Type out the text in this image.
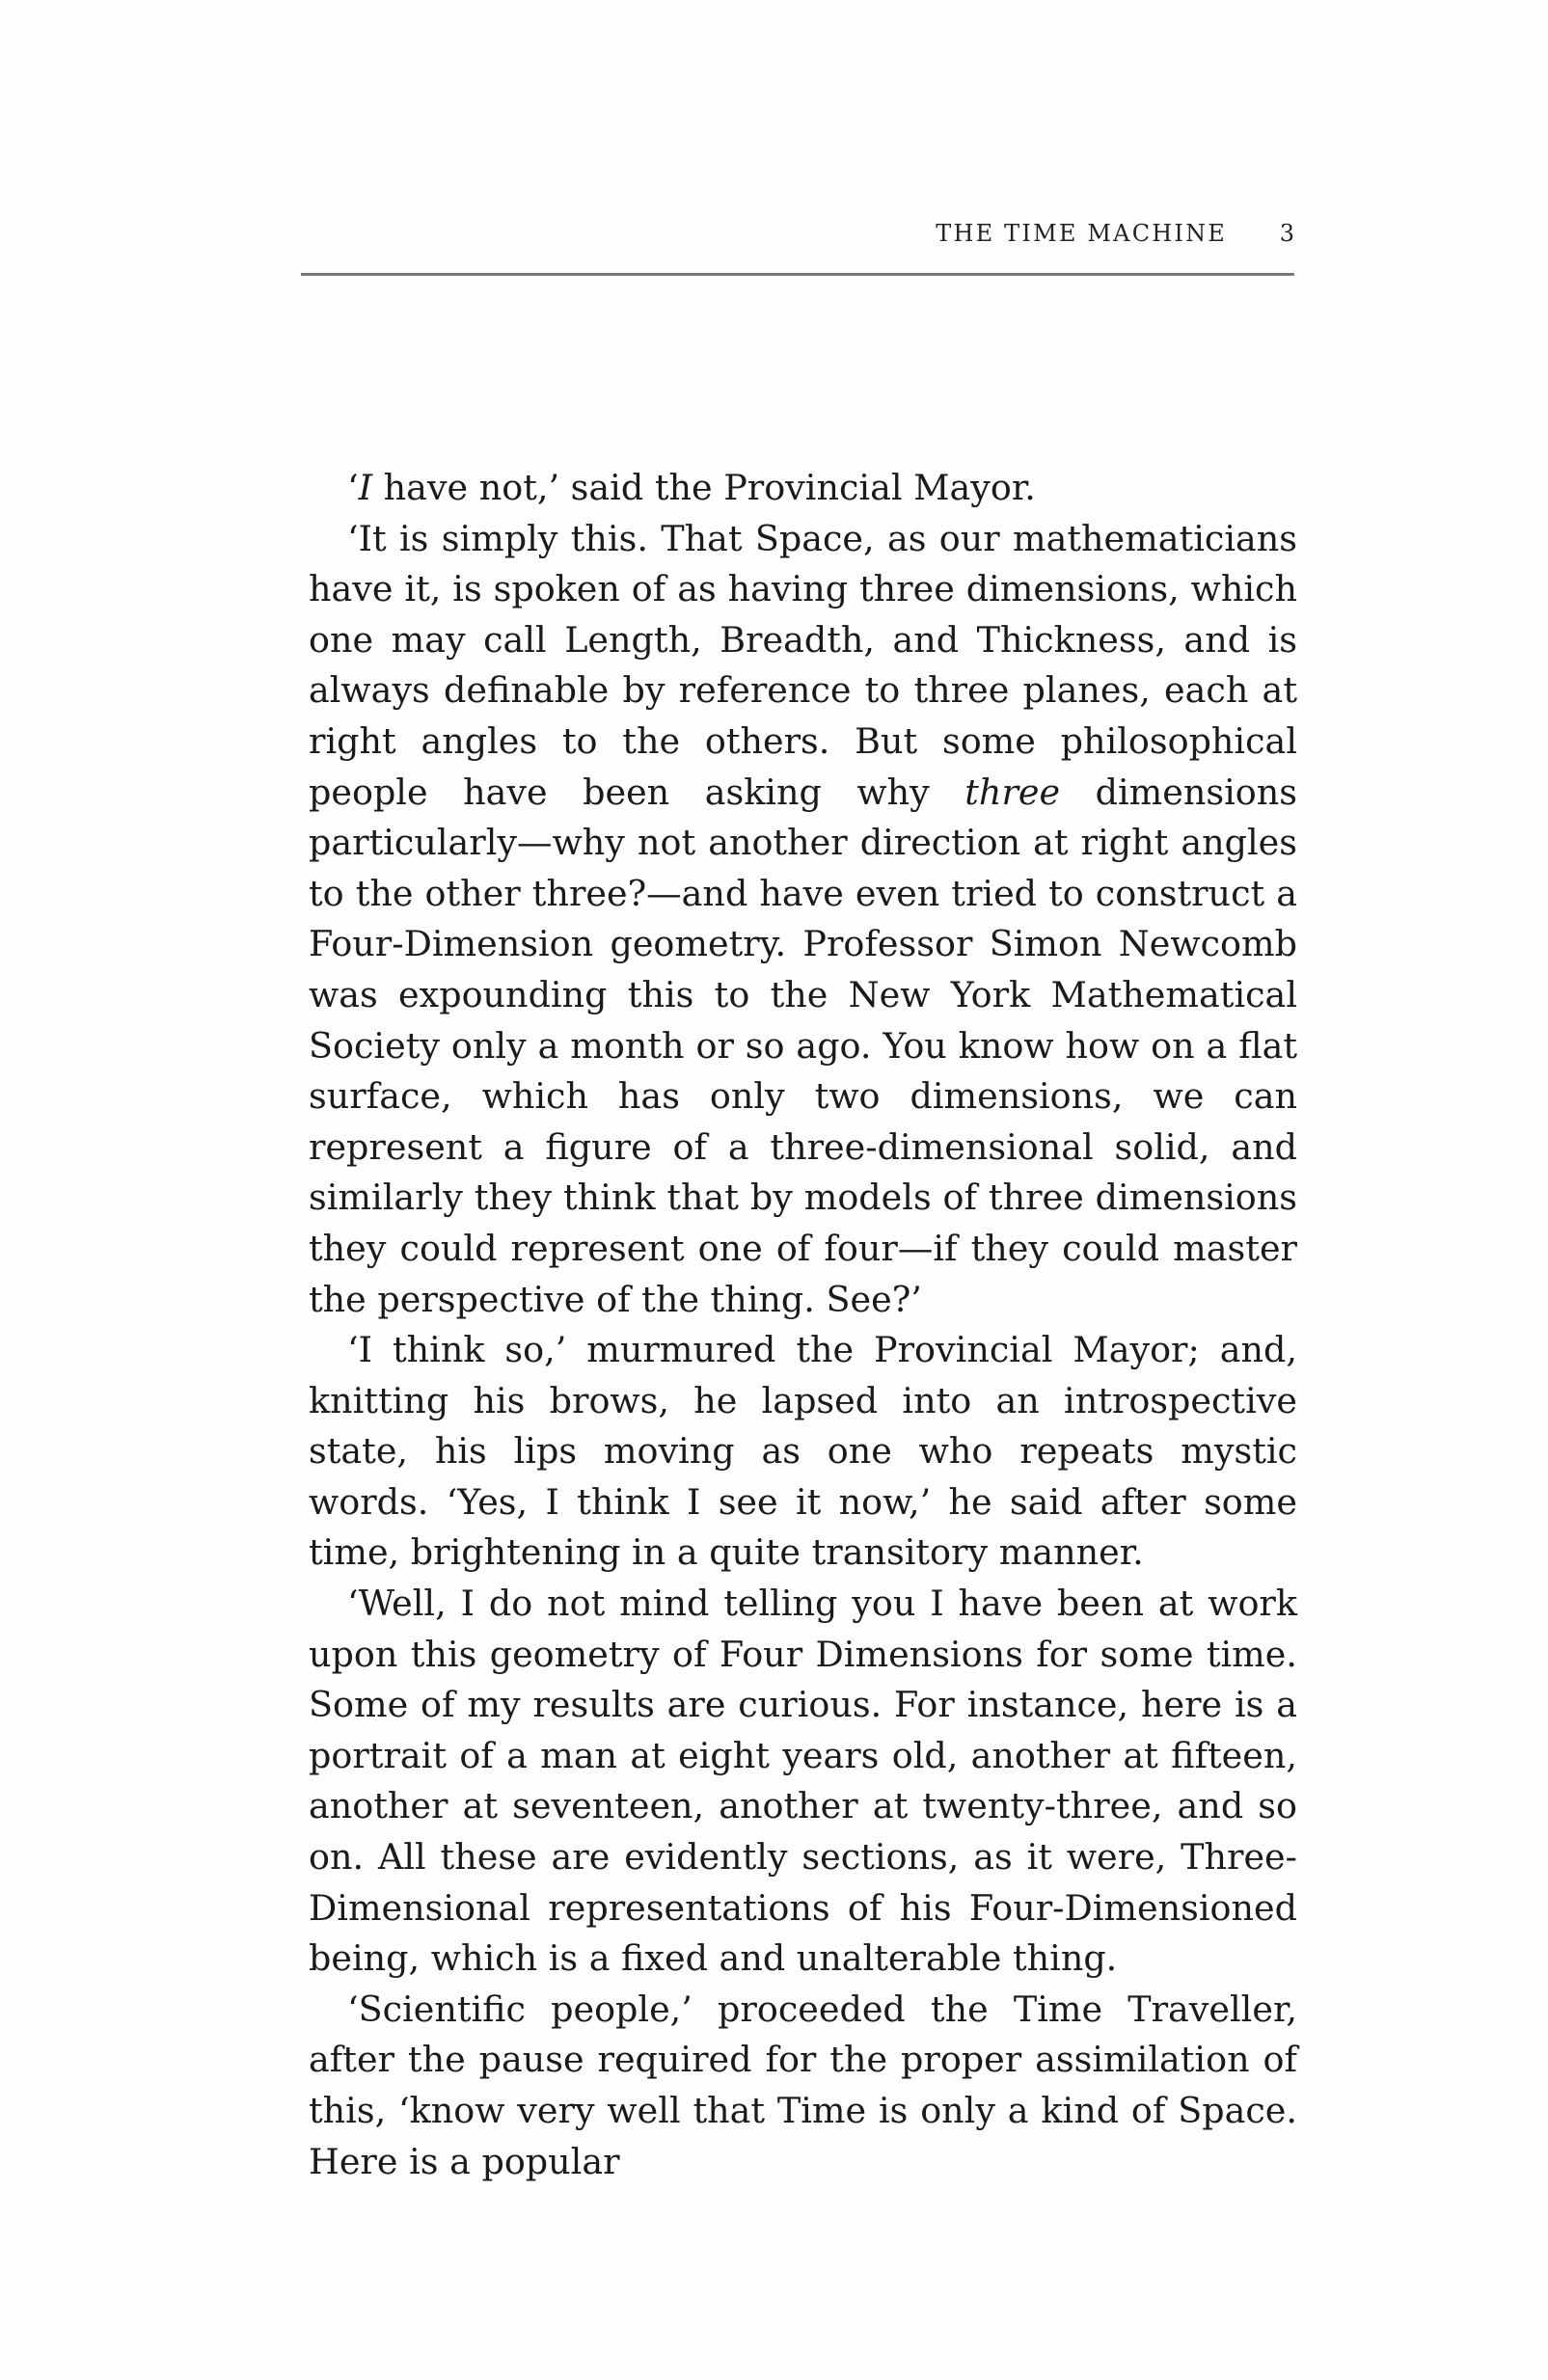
THE TIME MACHINE 3

‘I have not,’ said the Provincial Mayor.

‘It is simply this. That Space, as our mathematicians have it, is spoken of as having three dimensions, which one may call Length, Breadth, and Thickness, and is always definable by reference to three planes, each at right angles to the others. But some philosophical people have been asking why three dimensions particularly—why not another direction at right angles to the other three?—and have even tried to construct a Four-Dimension geometry. Professor Simon Newcomb was expounding this to the New York Mathematical Society only a month or so ago. You know how on a flat surface, which has only two dimensions, we can represent a figure of a three-dimensional solid, and similarly they think that by models of three dimensions they could represent one of four—if they could master the perspective of the thing. See?’

‘I think so,’ murmured the Provincial Mayor; and, knitting his brows, he lapsed into an introspective state, his lips moving as one who repeats mystic words. ‘Yes, I think I see it now,’ he said after some time, brightening in a quite transitory manner.

‘Well, I do not mind telling you I have been at work upon this geometry of Four Dimensions for some time. Some of my results are curious. For instance, here is a portrait of a man at eight years old, another at fifteen, another at seventeen, another at twenty-three, and so on. All these are evidently sections, as it were, Three-Dimensional representations of his Four-Dimensioned being, which is a fixed and unalterable thing.

‘Scientific people,’ proceeded the Time Traveller, after the pause required for the proper assimilation of this, ‘know very well that Time is only a kind of Space. Here is a popular
